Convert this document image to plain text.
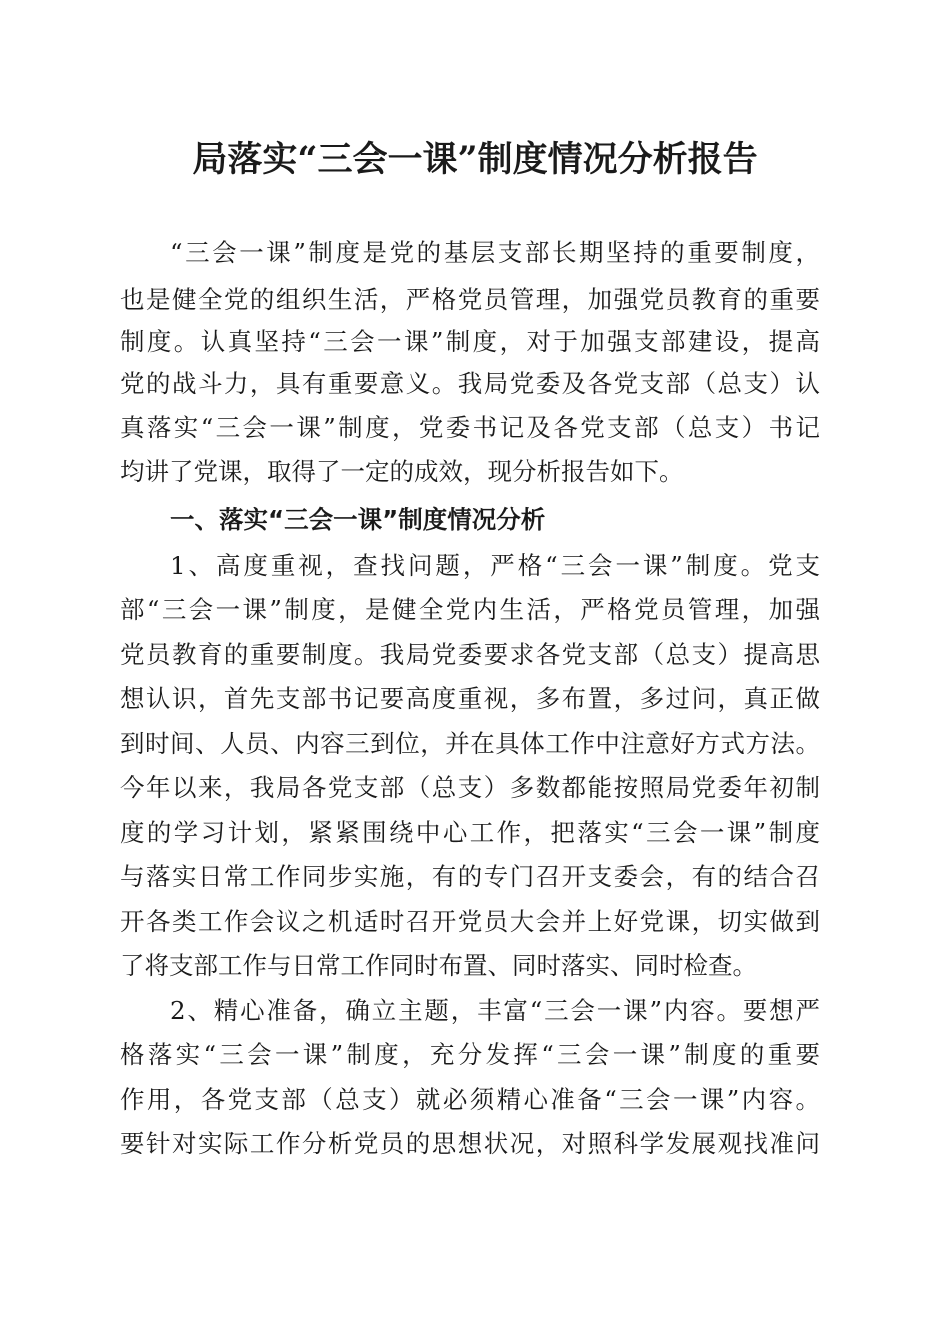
局落实“三会一课”制度情况分析报告
“三会一课”制度是党的基层支部长期坚持的重要制度，
也是健全党的组织生活，严格党员管理，加强党员教育的重要
制度。认真坚持“三会一课”制度，对于加强支部建设，提高
党的战斗力，具有重要意义。我局党委及各党支部（总支）认
真落实“三会一课”制度，党委书记及各党支部（总支）书记
均讲了党课，取得了一定的成效，现分析报告如下。
一、落实“三会一课”制度情况分析
1、高度重视，查找问题，严格“三会一课”制度。党支
部“三会一课”制度，是健全党内生活，严格党员管理，加强
党员教育的重要制度。我局党委要求各党支部（总支）提高思
想认识，首先支部书记要高度重视，多布置，多过问，真正做
到时间、人员、内容三到位，并在具体工作中注意好方式方法。
今年以来，我局各党支部（总支）多数都能按照局党委年初制
度的学习计划，紧紧围绕中心工作，把落实“三会一课”制度
与落实日常工作同步实施，有的专门召开支委会，有的结合召
开各类工作会议之机适时召开党员大会并上好党课，切实做到
了将支部工作与日常工作同时布置、同时落实、同时检查。
2、精心准备，确立主题，丰富“三会一课”内容。要想严
格落实“三会一课”制度，充分发挥“三会一课”制度的重要
作用，各党支部（总支）就必须精心准备“三会一课”内容。
要针对实际工作分析党员的思想状况，对照科学发展观找准问
